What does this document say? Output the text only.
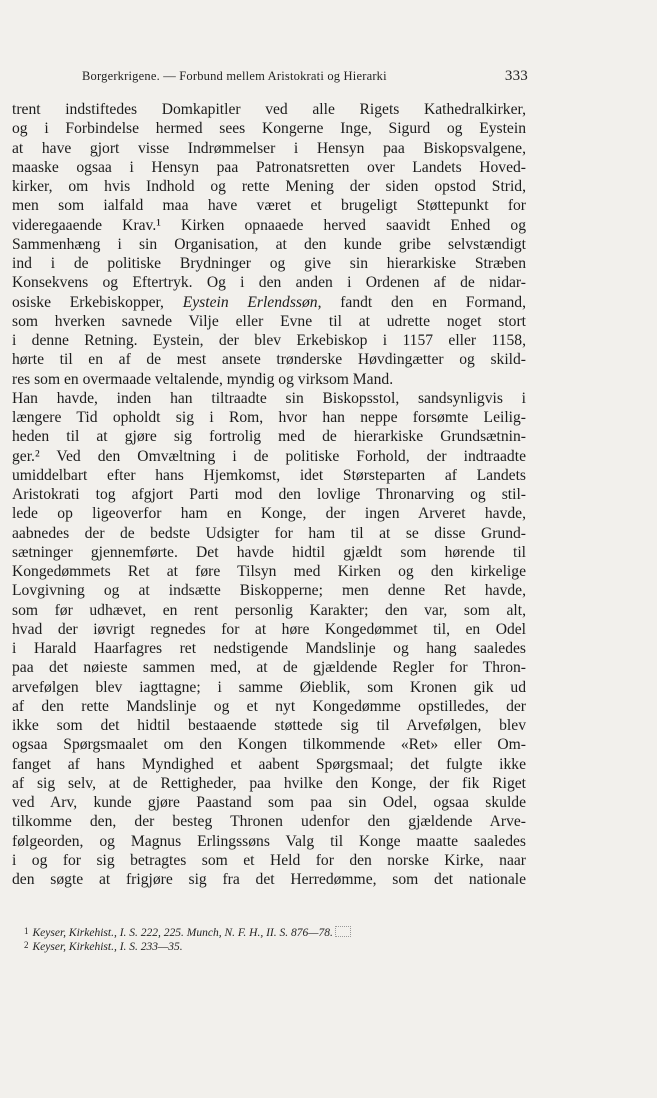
Borgerkrigene. — Forbund mellem Aristokrati og Hierarki	333
trent indstiftedes Domkapitler ved alle Rigets Kathedralkirker,
og i Forbindelse hermed sees Kongerne Inge, Sigurd og Eystein
at have gjort visse Indrømmelser i Hensyn paa Biskopsvalgene,
maaske ogsaa i Hensyn paa Patronatsretten over Landets Hoved-
kirker, om hvis Indhold og rette Mening der siden opstod Strid,
men som ialfald maa have været et brugeligt Støttepunkt for
videregaaende Krav.¹ Kirken opnaaede herved saavidt Enhed og
Sammenhæng i sin Organisation, at den kunde gribe selvstændigt
ind i de politiske Brydninger og give sin hierarkiske Stræben
Konsekvens og Eftertryk. Og i den anden i Ordenen af de nidar-
osiske Erkebiskopper, Eystein Erlendssøn, fandt den en Formand,
som hverken savnede Vilje eller Evne til at udrette noget stort
i denne Retning. Eystein, der blev Erkebiskop i 1157 eller 1158,
hørte til en af de mest ansete trønderske Høvdingætter og skild-
res som en overmaade veltalende, myndig og virksom Mand.
Han havde, inden han tiltraadte sin Biskopsstol, sandsynligvis i
længere Tid opholdt sig i Rom, hvor han neppe forsømte Leilig-
heden til at gjøre sig fortrolig med de hierarkiske Grundsætnin-
ger.² Ved den Omvæltning i de politiske Forhold, der indtraadte
umiddelbart efter hans Hjemkomst, idet Størsteparten af Landets
Aristokrati tog afgjort Parti mod den lovlige Thronarving og stil-
lede op ligeoverfor ham en Konge, der ingen Arveret havde,
aabnedes der de bedste Udsigter for ham til at se disse Grund-
sætninger gjennemførte. Det havde hidtil gjældt som hørende til
Kongedømmets Ret at føre Tilsyn med Kirken og den kirkelige
Lovgivning og at indsætte Biskopperne; men denne Ret havde,
som før udhævet, en rent personlig Karakter; den var, som alt,
hvad der iøvrigt regnedes for at høre Kongedømmet til, en Odel
i Harald Haarfagres ret nedstigende Mandslinje og hang saaledes
paa det nøieste sammen med, at de gjældende Regler for Thron-
arvefølgen blev iagttagne; i samme Øieblik, som Kronen gik ud
af den rette Mandslinje og et nyt Kongedømme opstilledes, der
ikke som det hidtil bestaaende støttede sig til Arvefølgen, blev
ogsaa Spørgsmaalet om den Kongen tilkommende «Ret» eller Om-
fanget af hans Myndighed et aabent Spørgsmaal; det fulgte ikke
af sig selv, at de Rettigheder, paa hvilke den Konge, der fik Riget
ved Arv, kunde gjøre Paastand som paa sin Odel, ogsaa skulde
tilkomme den, der besteg Thronen udenfor den gjældende Arve-
følgeorden, og Magnus Erlingssøns Valg til Konge maatte saaledes
i og for sig betragtes som et Held for den norske Kirke, naar
den søgte at frigjøre sig fra det Herredømme, som det nationale
1 Keyser, Kirkehist., I. S. 222, 225. Munch, N. F. H., II. S. 876—78.
2 Keyser, Kirkehist., I. S. 233—35.
